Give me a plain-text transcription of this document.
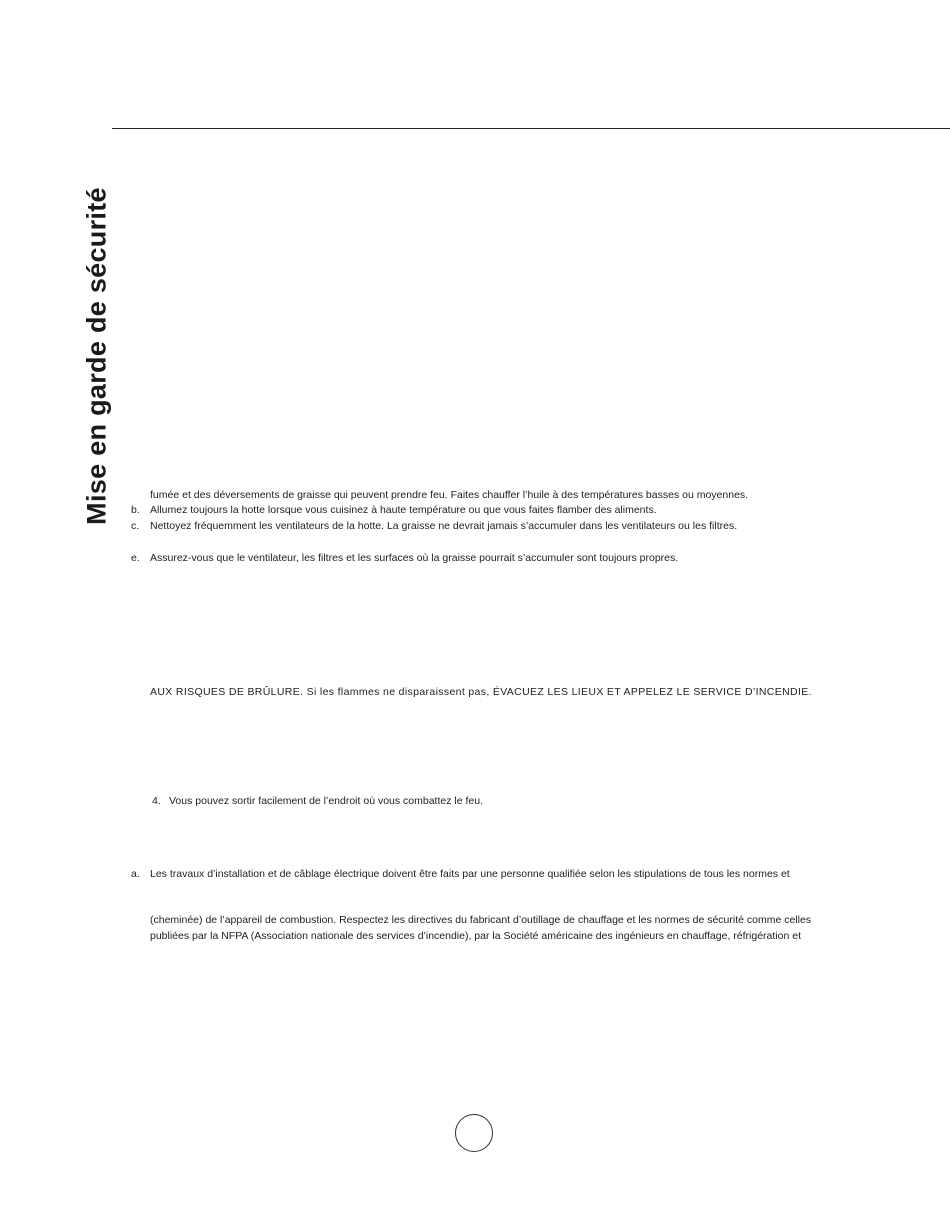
Mise en garde de sécurité	fumée et des déversements de graisse qui peuvent prendre feu. Faites chauffer l’huile à des températures basses ou moyennes.
b. Allumez toujours la hotte lorsque vous cuisinez à haute température ou que vous faites flamber des aliments.
c. Nettoyez fréquemment les ventilateurs de la hotte. La graisse ne devrait jamais s’accumuler dans les ventilateurs ou les filtres.
e. Assurez-vous que le ventilateur, les filtres et les surfaces où la graisse pourrait s’accumuler sont toujours propres.
AUX RISQUES DE BRÛLURE. Si les flammes ne disparaissent pas, ÉVACUEZ LES LIEUX ET APPELEZ LE SERVICE D’INCENDIE.
4. Vous pouvez sortir facilement de l’endroit où vous combattez le feu.
a. Les travaux d’installation et de câblage électrique doivent être faits par une personne qualifiée selon les stipulations de tous les normes et
(cheminée) de l’appareil de combustion. Respectez les directives du fabricant d’outillage de chauffage et les normes de sécurité comme celles
publiées par la NFPA (Association nationale des services d’incendie), par la Société américaine des ingénieurs en chauffage, réfrigération et
